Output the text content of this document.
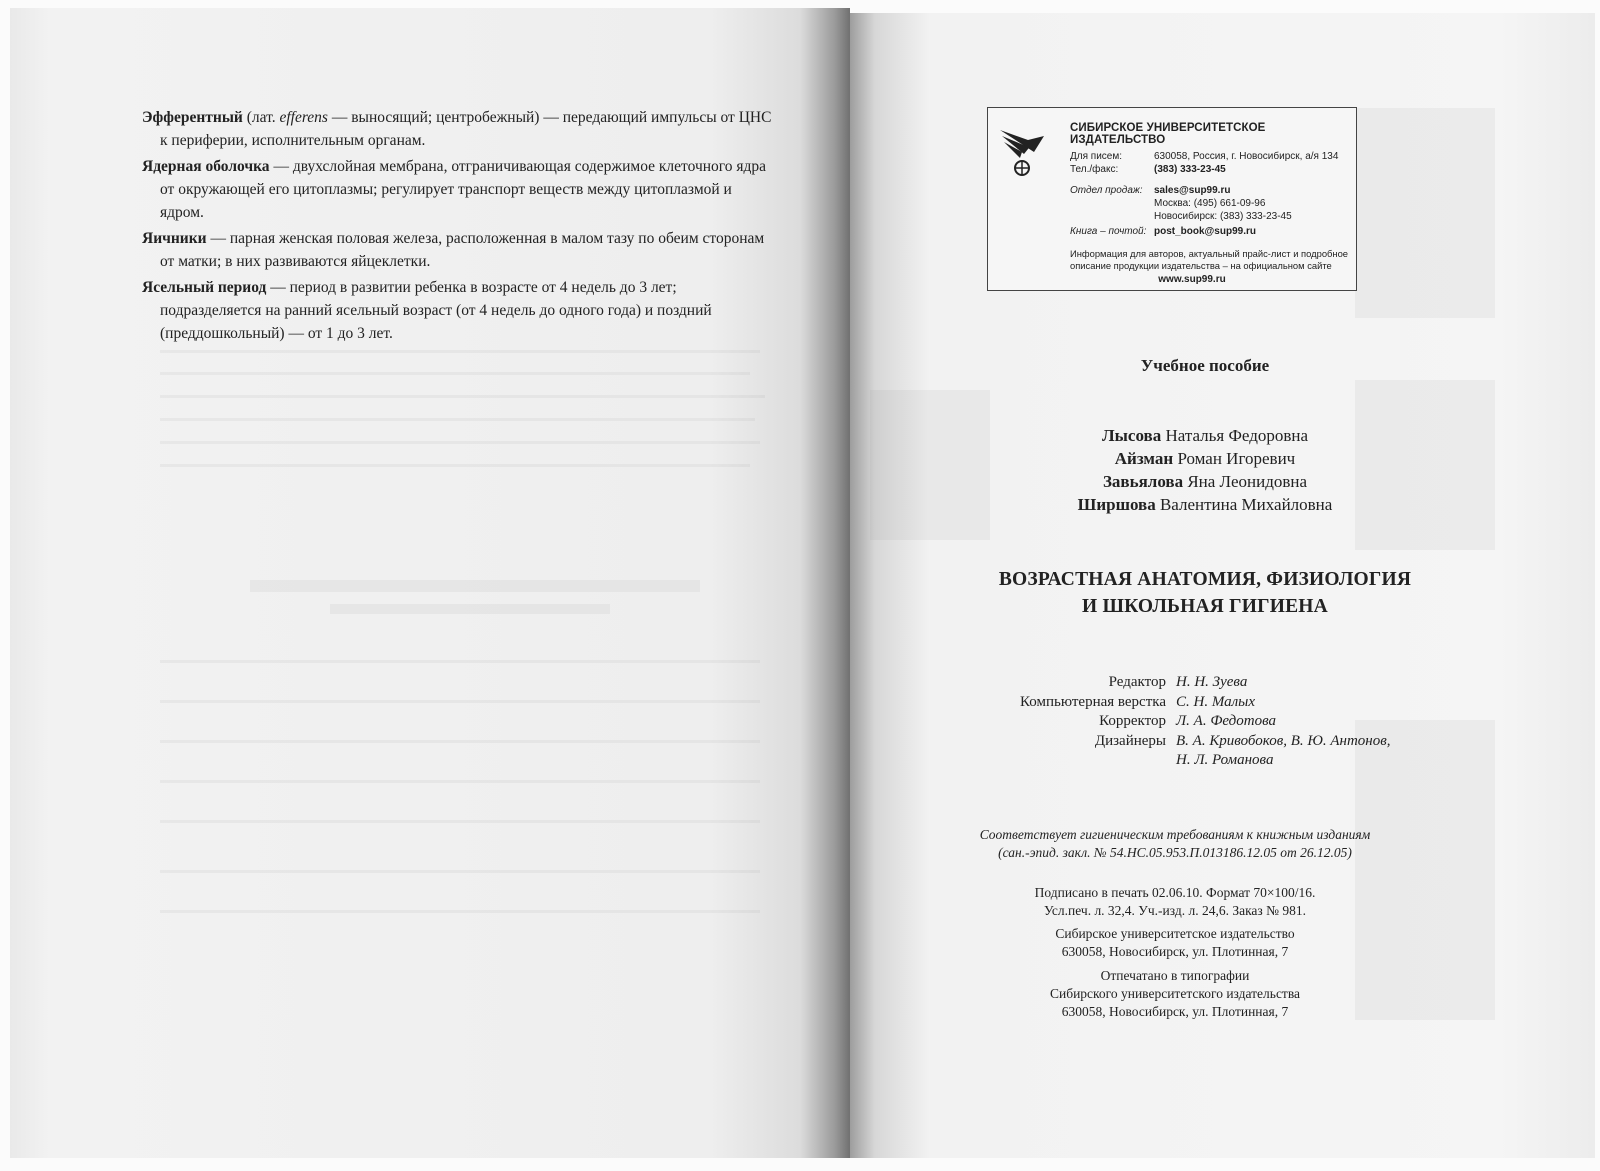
Эфферентный (лат. efferens — выносящий; центробежный) — передающий импульсы от ЦНС к периферии, исполнительным органам.

Ядерная оболочка — двухслойная мембрана, отграничивающая содержимое клеточного ядра от окружающей его цитоплазмы; регулирует транспорт веществ между цитоплазмой и ядром.

Яичники — парная женская половая железа, расположенная в малом тазу по обеим сторонам от матки; в них развиваются яйцеклетки.

Ясельный период — период в развитии ребенка в возрасте от 4 недель до 3 лет; подразделяется на ранний ясельный возраст (от 4 недель до одного года) и поздний (преддошкольный) — от 1 до 3 лет.

СИБИРСКОЕ УНИВЕРСИТЕТСКОЕ ИЗДАТЕЛЬСТВО
Для писем:	630058, Россия, г. Новосибирск, а/я 134
Тел./факс:	(383) 333-23-45
Отдел продаж: sales@sup99.ru
Москва: (495) 661-09-96
Новосибирск: (383) 333-23-45
Книга – почтой: post_book@sup99.ru
Информация для авторов, актуальный прайс-лист и подробное описание продукции издательства – на официальном сайте
www.sup99.ru
Учебное пособие
Лысова Наталья Федоровна
Айзман Роман Игоревич
Завьялова Яна Леонидовна
Ширшова Валентина Михайловна
ВОЗРАСТНАЯ АНАТОМИЯ, ФИЗИОЛОГИЯ
И ШКОЛЬНАЯ ГИГИЕНА
Редактор Н. Н. Зуева
Компьютерная верстка С. Н. Малых
Корректор Л. А. Федотова
Дизайнеры В. А. Кривобоков, В. Ю. Антонов,
Н. Л. Романова
Соответствует гигиеническим требованиям к книжным изданиям
(сан.-эпид. закл. № 54.НС.05.953.П.013186.12.05 от 26.12.05)
Подписано в печать 02.06.10. Формат 70×100/16.
Усл.печ. л. 32,4. Уч.-изд. л. 24,6. Заказ № 981.
Сибирское университетское издательство
630058, Новосибирск, ул. Плотинная, 7
Отпечатано в типографии
Сибирского университетского издательства
630058, Новосибирск, ул. Плотинная, 7
